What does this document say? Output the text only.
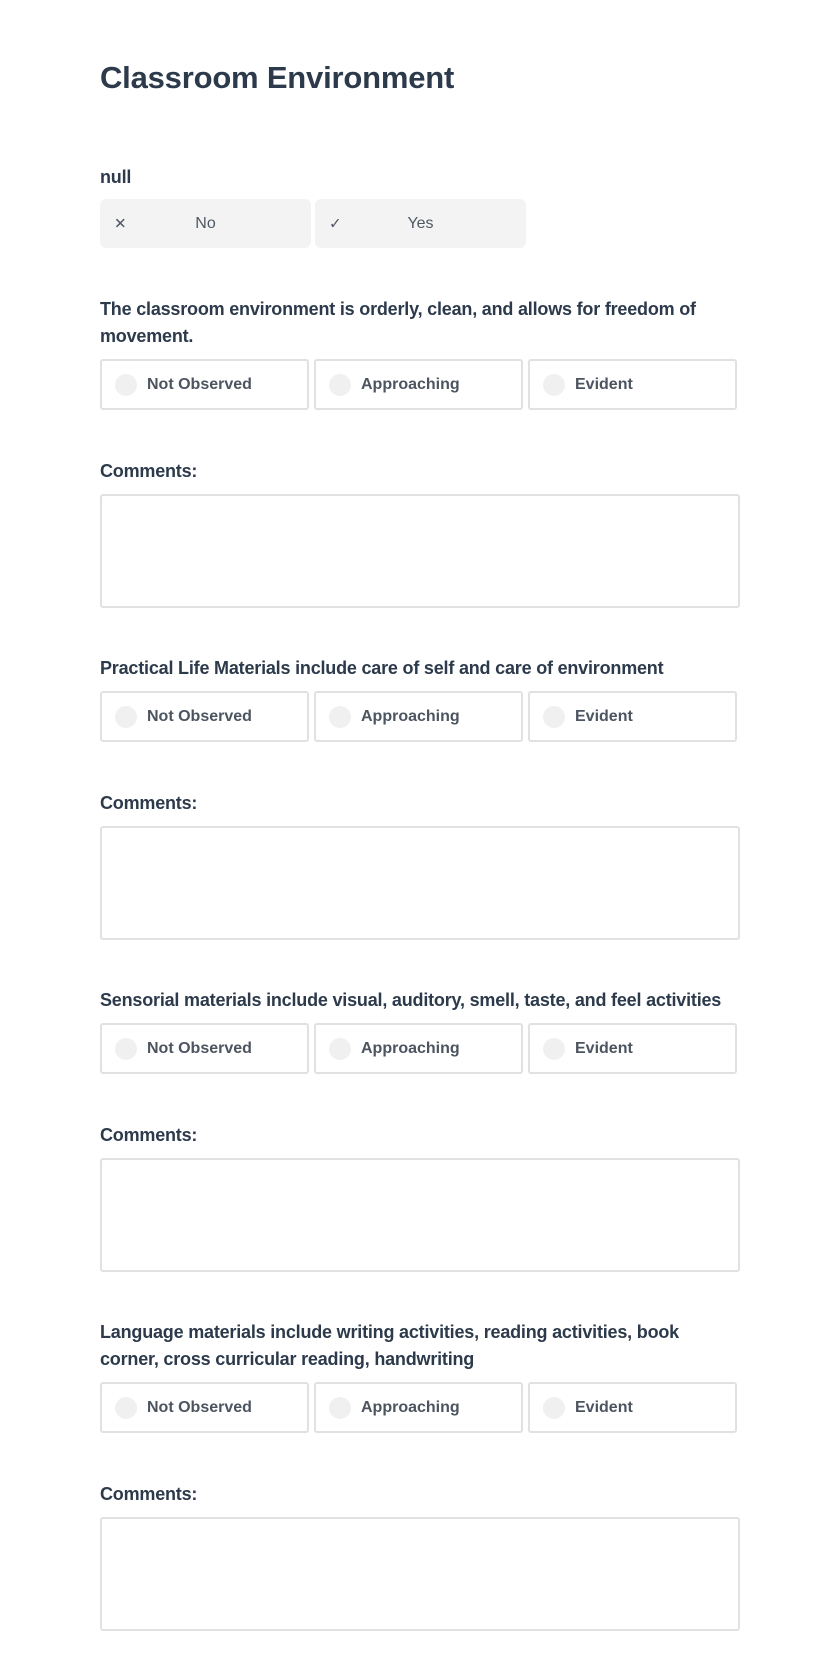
Classroom Environment
null
✕	No	✓	Yes
The classroom environment is orderly, clean, and allows for freedom of movement.
Not Observed	Approaching	Evident
Comments:
Practical Life Materials include care of self and care of environment
Not Observed	Approaching	Evident
Comments:
Sensorial materials include visual, auditory, smell, taste, and feel activities
Not Observed	Approaching	Evident
Comments:
Language materials include writing activities, reading activities, book corner, cross curricular reading, handwriting
Not Observed	Approaching	Evident
Comments:
